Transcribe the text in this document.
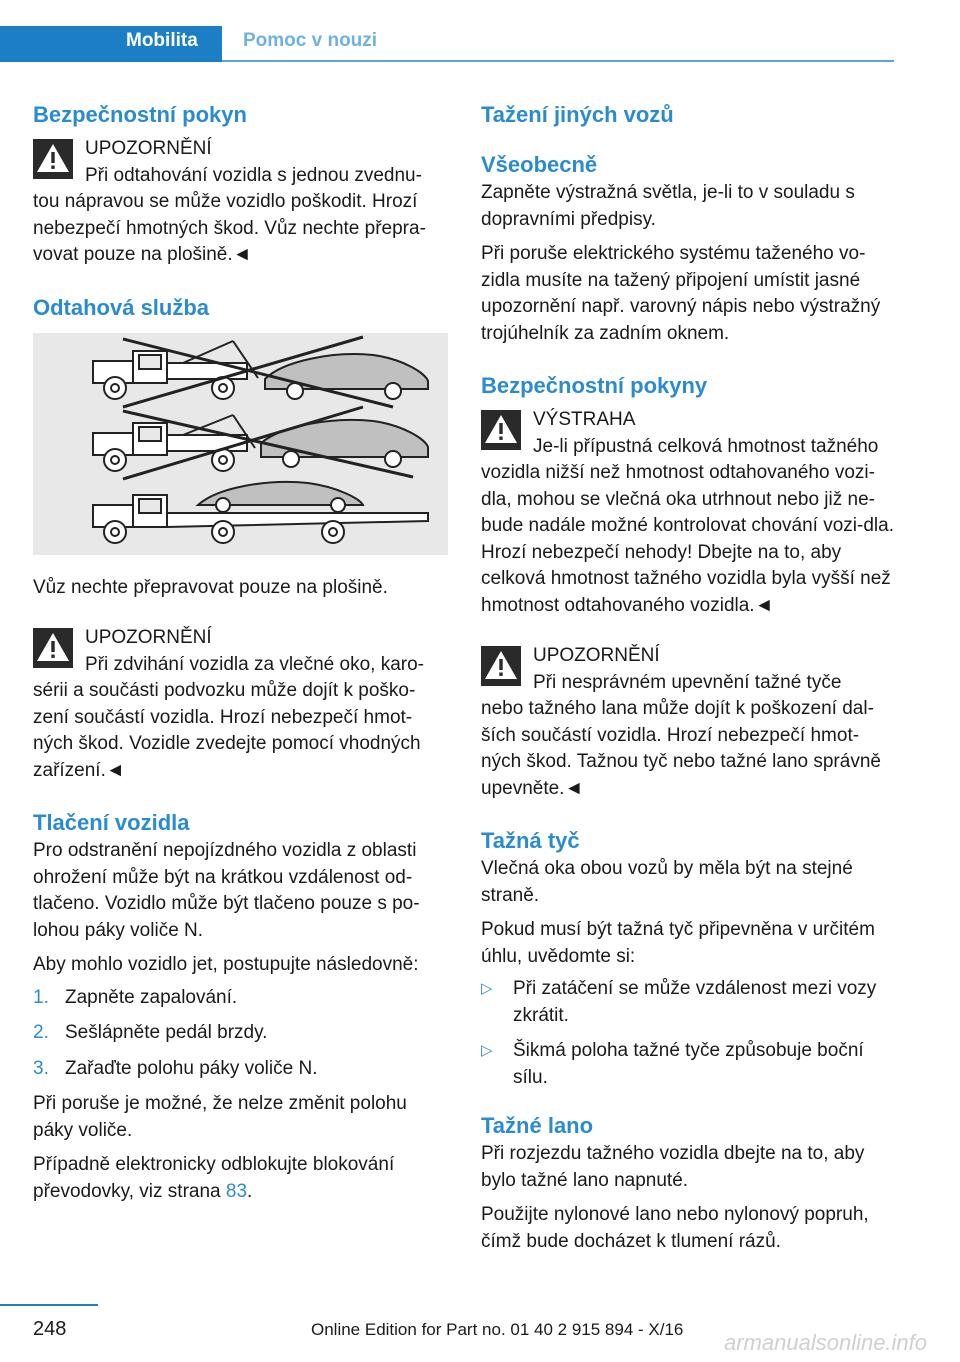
Mobilita Pomoc v nouzi
Bezpečnostní pokyn
UPOZORNĚNÍ

Při odtahování vozidla s jednou zvednu-

tou nápravou se může vozidlo poškodit. Hrozí nebezpečí hmotných škod. Vůz nechte přepra-vovat pouze na plošině.◄

Odtahová služba

Vůz nechte přepravovat pouze na plošině.

UPOZORNĚNÍ

Při zdvihání vozidla za vlečné oko, karo-

sérii a součásti podvozku může dojít k poško-zení součástí vozidla. Hrozí nebezpečí hmot-ných škod. Vozidle zvedejte pomocí vhodných zařízení.◄

Tlačení vozidla

Pro odstranění nepojízdného vozidla z oblasti ohrožení může být na krátkou vzdálenost od-tlačeno. Vozidlo může být tlačeno pouze s po-lohou páky voliče N.

Aby mohlo vozidlo jet, postupujte následovně:

1. Zapněte zapalování.
2. Sešlápněte pedál brzdy.
3. Zařaďte polohu páky voliče N.

Při poruše je možné, že nelze změnit polohu páky voliče.

Případně elektronicky odblokujte blokování převodovky, viz strana 83.

Tažení jiných vozů
Všeobecně

Zapněte výstražná světla, je-li to v souladu s dopravními předpisy.

Při poruše elektrického systému taženého vo-zidla musíte na tažený připojení umístit jasné upozornění např. varovný nápis nebo výstražný trojúhelník za zadním oknem.

Bezpečnostní pokyny
VÝSTRAHA

Je-li přípustná celková hmotnost tažného

vozidla nižší než hmotnost odtahovaného vozi-dla, mohou se vlečná oka utrhnout nebo již ne-bude nadále možné kontrolovat chování vozi-dla. Hrozí nebezpečí nehody! Dbejte na to, aby celková hmotnost tažného vozidla byla vyšší než hmotnost odtahovaného vozidla.◄

UPOZORNĚNÍ

Při nesprávném upevnění tažné tyče

nebo tažného lana může dojít k poškození dal-ších součástí vozidla. Hrozí nebezpečí hmot-ných škod. Tažnou tyč nebo tažné lano správně upevněte.◄

Tažná tyč

Vlečná oka obou vozů by měla být na stejné straně.

Pokud musí být tažná tyč připevněna v určitém úhlu, uvědomte si:

▷ Při zatáčení se může vzdálenost mezi vozy zkrátit.
▷ Šikmá poloha tažné tyče způsobuje boční sílu.
Tažné lano

Při rozjezdu tažného vozidla dbejte na to, aby bylo tažné lano napnuté.

Použijte nylonové lano nebo nylonový popruh, čímž bude docházet k tlumení rázů.

248	Online Edition for Part no. 01 40 2 915 894 - X/16
armanualsonline.info
